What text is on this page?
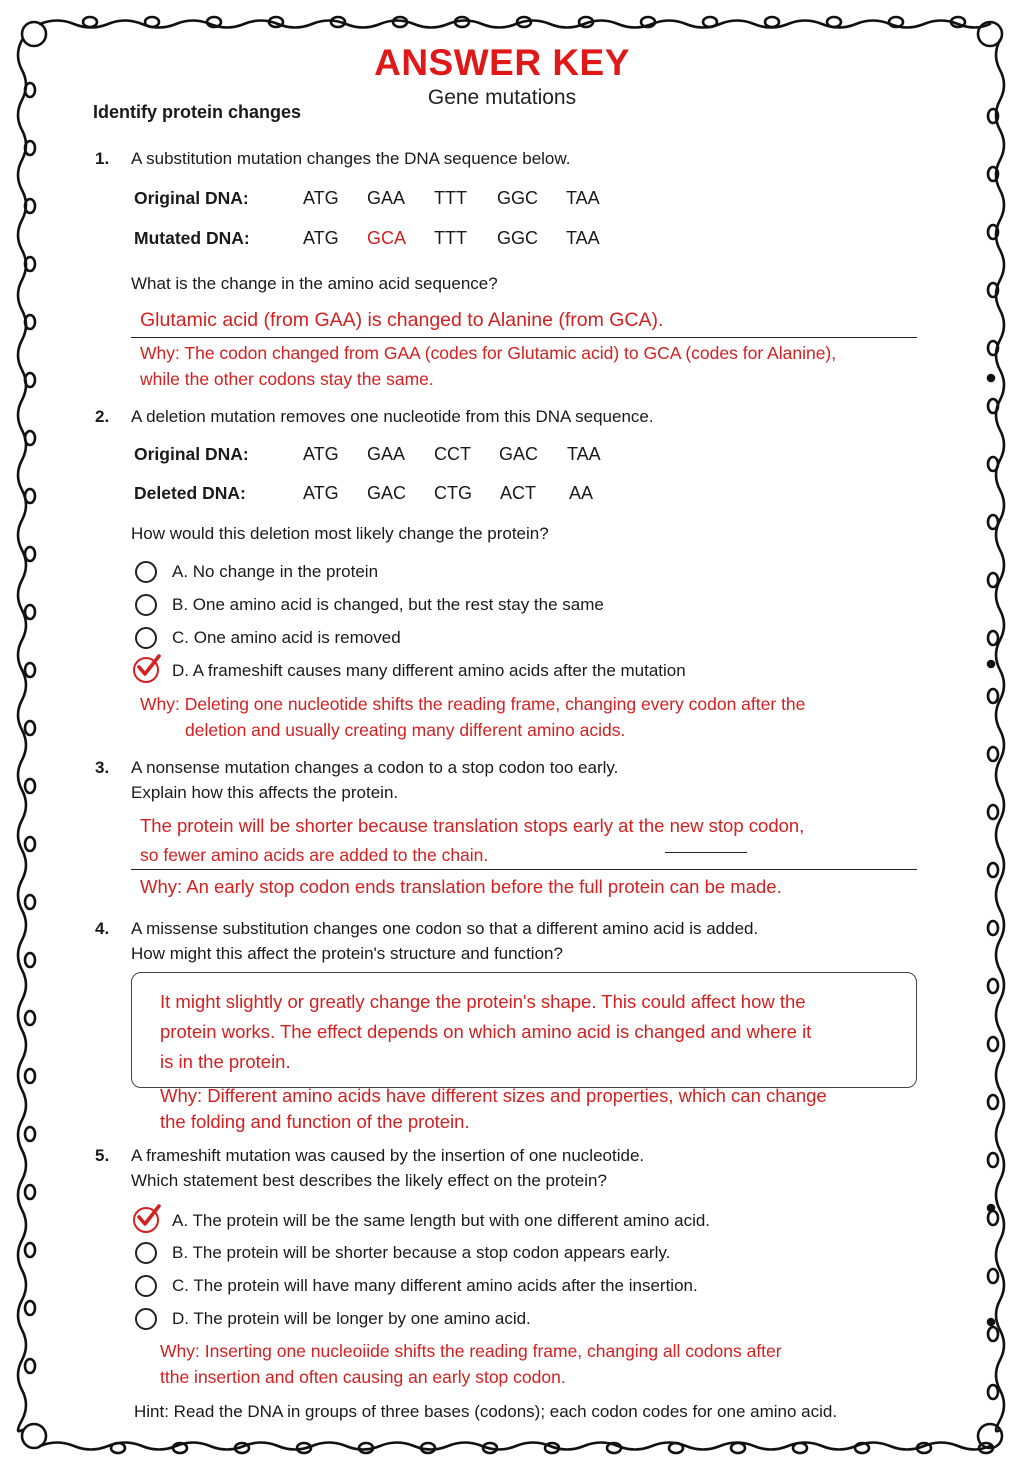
ANSWER KEY
Gene mutations
Identify protein changes
1. A substitution mutation changes the DNA sequence below.
Original DNA:	ATG GAA TTT GGC TAA
Mutated DNA:	ATG GCA TTT GGC TAA
What is the change in the amino acid sequence?
Glutamic acid (from GAA) is changed to Alanine (from GCA).
Why: The codon changed from GAA (codes for Glutamic acid) to GCA (codes for Alanine),
while the other codons stay the same.
2. A deletion mutation removes one nucleotide from this DNA sequence.
Original DNA:	ATG GAA CCT GAC TAA
Deleted DNA:	ATG GAC CTG ACT AA
How would this deletion most likely change the protein?
A. No change in the protein
B. One amino acid is changed, but the rest stay the same
C. One amino acid is removed
D. A frameshift causes many different amino acids after the mutation
Why: Deleting one nucleotide shifts the reading frame, changing every codon after the
deletion and usually creating many different amino acids.
3. A nonsense mutation changes a codon to a stop codon too early.
Explain how this affects the protein.
The protein will be shorter because translation stops early at the new stop codon,
so fewer amino acids are added to the chain.
Why: An early stop codon ends translation before the full protein can be made.
4. A missense substitution changes one codon so that a different amino acid is added.
How might this affect the protein's structure and function?
It might slightly or greatly change the protein's shape. This could affect how the
protein works. The effect depends on which amino acid is changed and where it
is in the protein.
Why: Different amino acids have different sizes and properties, which can change
the folding and function of the protein.
5. A frameshift mutation was caused by the insertion of one nucleotide.
Which statement best describes the likely effect on the protein?
A. The protein will be the same length but with one different amino acid.
B. The protein will be shorter because a stop codon appears early.
C. The protein will have many different amino acids after the insertion.
D. The protein will be longer by one amino acid.
Why: Inserting one nucleoiide shifts the reading frame, changing all codons after
tthe insertion and often causing an early stop codon.
Hint: Read the DNA in groups of three bases (codons); each codon codes for one amino acid.
